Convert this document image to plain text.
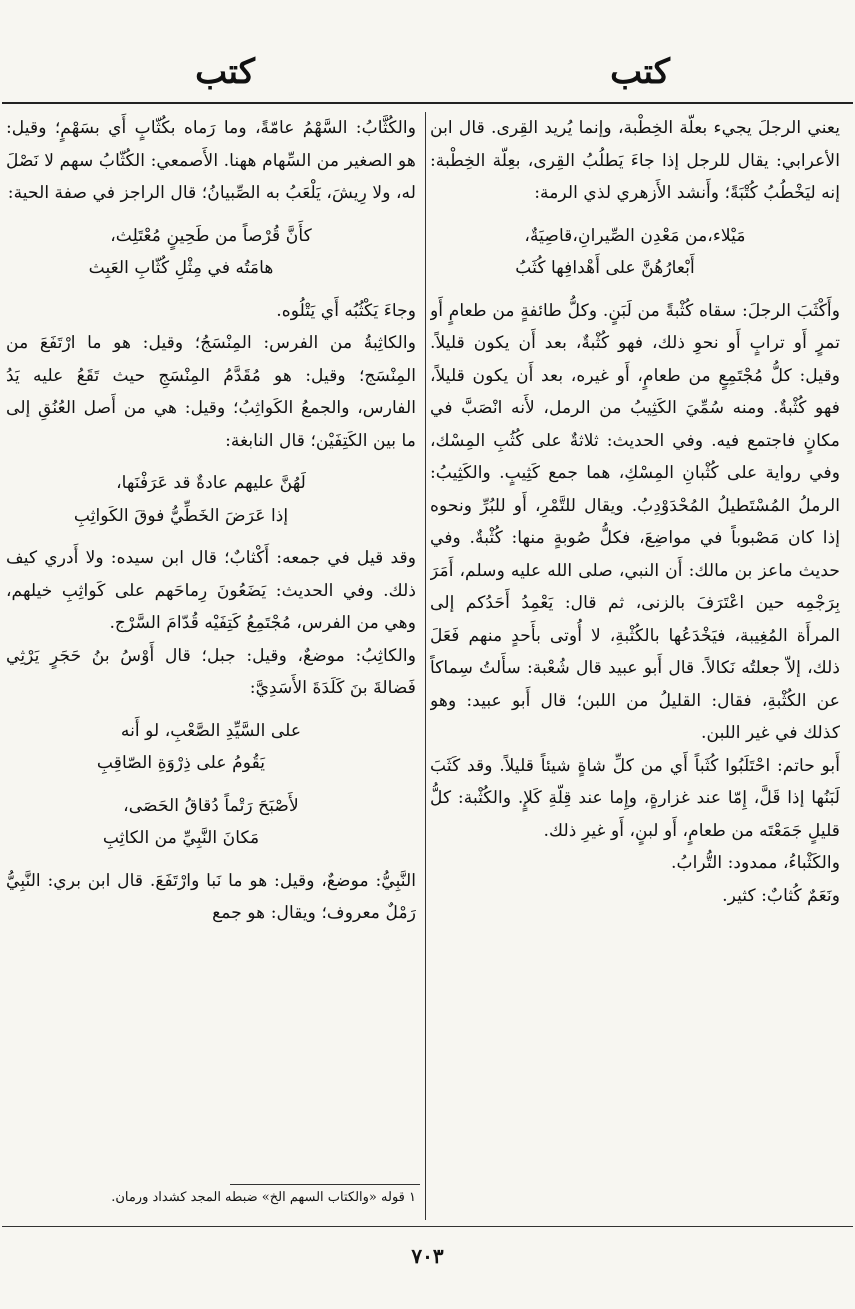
كتب
كتب

يعني الرجلَ يجيء بعلّة الخِطْبة، وإنما يُريد القِرى. قال ابن الأعرابي: يقال للرجل إذا جاءَ يَطلُبُ القِرى، بعِلّة الخِطْبة: إنه ليَخْطُبُ كُتْبَةً؛ وأَنشد الأَزهري لذي الرمة:

مَيْلاء،من مَعْدِن الصِّيرانِ،قاصِيَةٌ،
أَبْعارُهُنَّ على أَهْدافِها كُثَبُ

وأَكْثَبَ الرجلَ: سقاه كُثْبةً من لَبَنٍ. وكلُّ طائفةٍ من طعامٍ أَو تمرٍ أَو ترابٍ أَو نحوِ ذلك، فهو كُثْبةٌ، بعد أَن يكون قليلاً. وقيل: كلُّ مُجْتَمِعٍ من طعامٍ، أَو غيره، بعد أَن يكون قليلاً، فهو كُثْبةٌ. ومنه سُمِّيَ الكَثِيبُ من الرمل، لأَنه انْصَبَّ في مكانٍ فاجتمع فيه. وفي الحديث: ثلاثةٌ على كُثُبِ المِسْك، وفي رواية على كُثْبانِ المِسْكِ، هما جمع كَثِيبٍ. والكَثِيبُ: الرملُ المُسْتَطيلُ المُحْدَوْدِبُ. ويقال للتَّمْرِ، أَو للبُرِّ ونحوه إذا كان مَصْبوباً في مواضِعَ، فكلُّ صُوبةٍ منها: كُثْبةٌ. وفي حديث ماعز بن مالك: أَن النبي، صلى الله عليه وسلم، أَمَرَ بِرَجْمِه حين اعْتَرَفَ بالزنى، ثم قال: يَعْمِدُ أَحَدُكم إلى المرأَة المُغِيبة، فيَخْدَعُها بالكُثْبةِ، لا أُوتى بأَحدٍ منهم فَعَلَ ذلك، إلاّ جعلتُه نَكالاً. قال أَبو عبيد قال شُعْبة: سأَلتُ سِماكاً عن الكُثْبةِ، فقال: القليلُ من اللبن؛ قال أَبو عبيد: وهو كذلك في غير اللبن.

أَبو حاتم: احْتَلَبُوا كُثَباً أَي من كلِّ شاةٍ شيئاً قليلاً. وقد كَثَبَ لَبَنُها إذا قَلَّ، إِمّا عند غزارةٍ، وإِما عند قِلّةِ كَلإٍ. والكُثْبة: كلُّ قليلٍ جَمَعْتَه من طعامٍ، أَو لبنٍ، أَو غيرِ ذلك.

والكَثْباءُ، ممدود: التُّرابُ.

ونَعَمٌ كُثابٌ: كثير.

والكُثَّابُ: السَّهْمُ عامّةً، وما رَماه بكُثّابٍ أَي بسَهْمٍ؛ وقيل: هو الصغير من السِّهام ههنا. الأَصمعي: الكُثّابُ سهم لا نَصْلَ له، ولا رِيشَ، يَلْعَبُ به الصِّبيانُ؛ قال الراجز في صفة الحية:

كأَنَّ قُرْصاً من طَحِينٍ مُعْتَلِث،
هامَتُه في مِثْلِ كُثّابِ العَبِث

وجاءَ يَكْثُبُه أَي يَتْلُوه.

والكاثِبةُ من الفرس: المِنْسَجُ؛ وقيل: هو ما ارْتَفَعَ من المِنْسَج؛ وقيل: هو مُقَدَّمُ المِنْسَجِ حيث تَقَعُ عليه يَدُ الفارس، والجمعُ الكَواثِبُ؛ وقيل: هي من أَصل العُنُقِ إلى ما بين الكَتِفَيْن؛ قال النابغة:

لَهُنَّ عليهم عادةٌ قد عَرَفْنَها،
إذا عَرَضَ الخَطِّيُّ فوقَ الكَواثِبِ

وقد قيل في جمعه: أَكْثابٌ؛ قال ابن سيده: ولا أَدري كيف ذلك. وفي الحديث: يَضَعُونَ رِماحَهم على كَواثِبِ خيلهم، وهي من الفرس، مُجْتَمِعُ كَتِفَيْه قُدّامَ السَّرْج.

والكاثِبُ: موضعٌ، وقيل: جبل؛ قال أَوْسُ بنُ حَجَرٍ يَرْثِي فَضالةَ بنَ كَلَدَةَ الأَسَدِيَّ:

على السَّيِّدِ الصَّعْبِ، لو أَنه
يَقُومُ على ذِرْوَةِ الصّاقِبِ
لأَصْبَحَ رَتْماً دُقاقُ الحَصَى،
مَكانَ النَّبِيِّ من الكاثِبِ

النَّبِيُّ: موضعٌ، وقيل: هو ما نَبا وارْتَفَعَ. قال ابن بري: النَّبِيُّ رَمْلٌ معروف؛ ويقال: هو جمع

١ قوله «والكتاب السهم الخ» ضبطه المجد كشداد ورمان.
٧٠٣
